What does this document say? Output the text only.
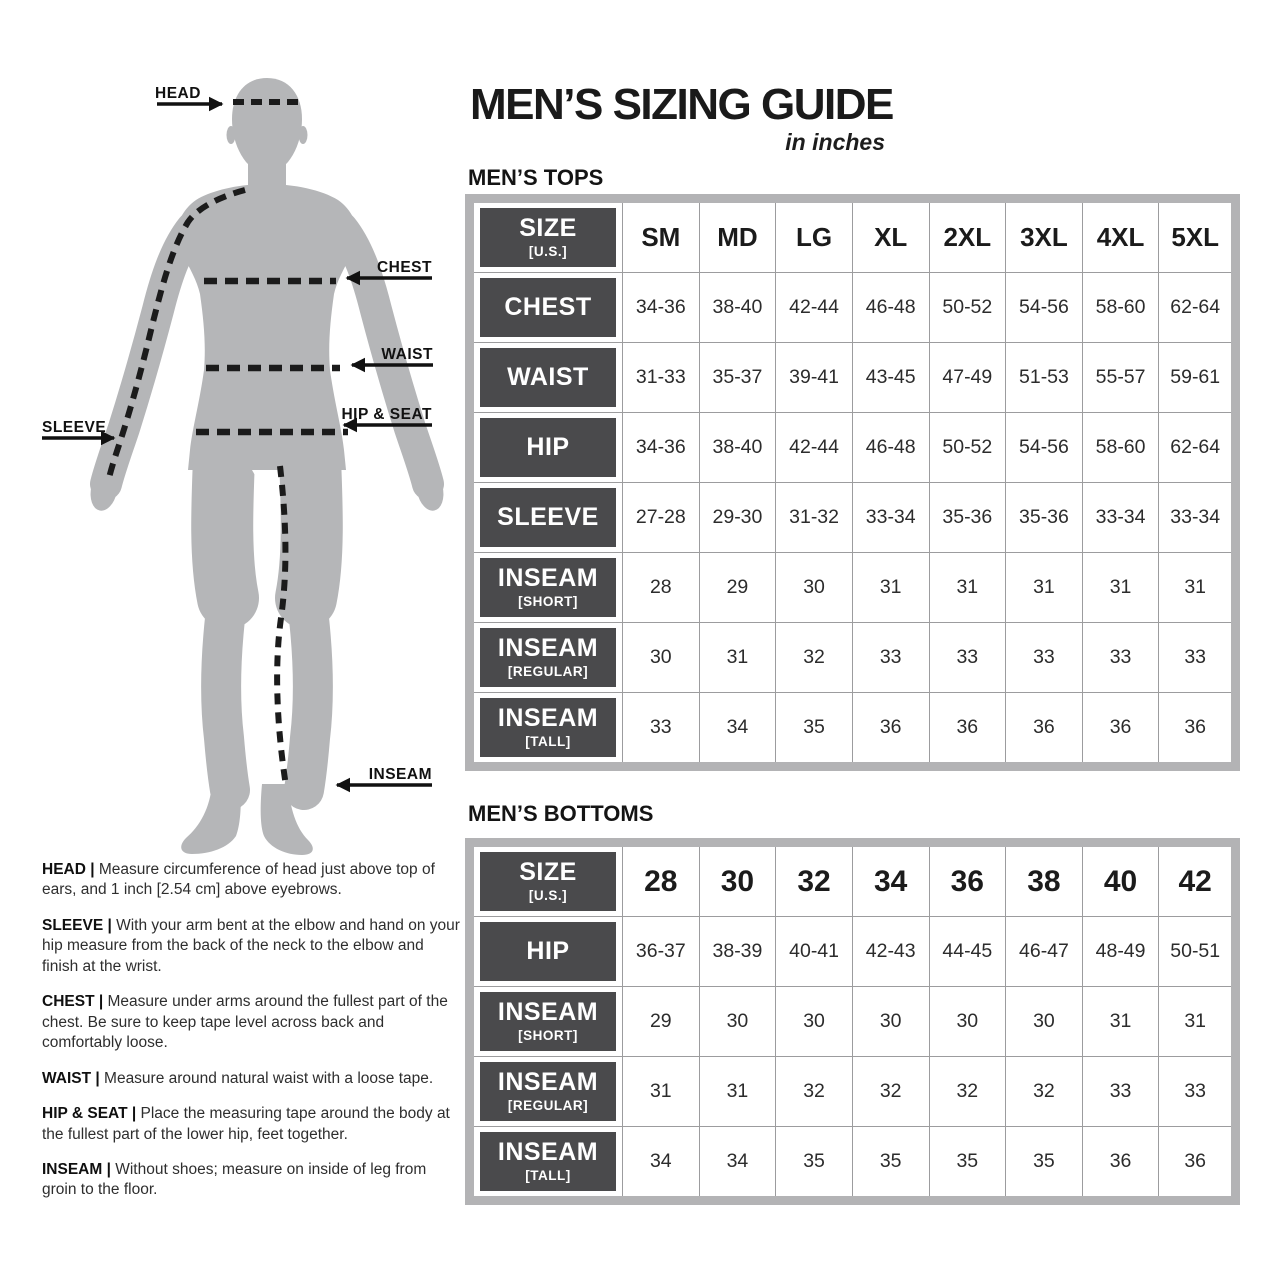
HEAD
CHEST
WAIST
HIP & SEAT
SLEEVE
INSEAM

HEAD | Measure circumference of head just above top of ears, and 1 inch [2.54 cm] above eyebrows.

SLEEVE | With your arm bent at the elbow and hand on your hip measure from the back of the neck to the elbow and finish at the wrist.

CHEST | Measure under arms around the fullest part of the chest. Be sure to keep tape level across back and comfortably loose.

WAIST | Measure around natural waist with a loose tape.

HIP & SEAT | Place the measuring tape around the body at the fullest part of the lower hip, feet together.

INSEAM | Without shoes; measure on inside of leg from groin to the floor.

MEN’S SIZING GUIDE
in inches
MEN’S TOPS
SIZE
[U.S.]	SM	MD	LG	XL	2XL	3XL	4XL	5XL

CHEST	34-36	38-40	42-44	46-48	50-52	54-56	58-60	62-64

WAIST	31-33	35-37	39-41	43-45	47-49	51-53	55-57	59-61

HIP	34-36	38-40	42-44	46-48	50-52	54-56	58-60	62-64

SLEEVE	27-28	29-30	31-32	33-34	35-36	35-36	33-34	33-34

INSEAM
[SHORT]	28	29	30	31	31	31	31	31

INSEAM
[REGULAR]	30	31	32	33	33	33	33	33

INSEAM
[TALL]	33	34	35	36	36	36	36	36
MEN’S BOTTOMS
SIZE
[U.S.]	28	30	32	34	36	38	40	42

HIP	36-37	38-39	40-41	42-43	44-45	46-47	48-49	50-51

INSEAM
[SHORT]	29	30	30	30	30	30	31	31

INSEAM
[REGULAR]	31	31	32	32	32	32	33	33

INSEAM
[TALL]	34	34	35	35	35	35	36	36
